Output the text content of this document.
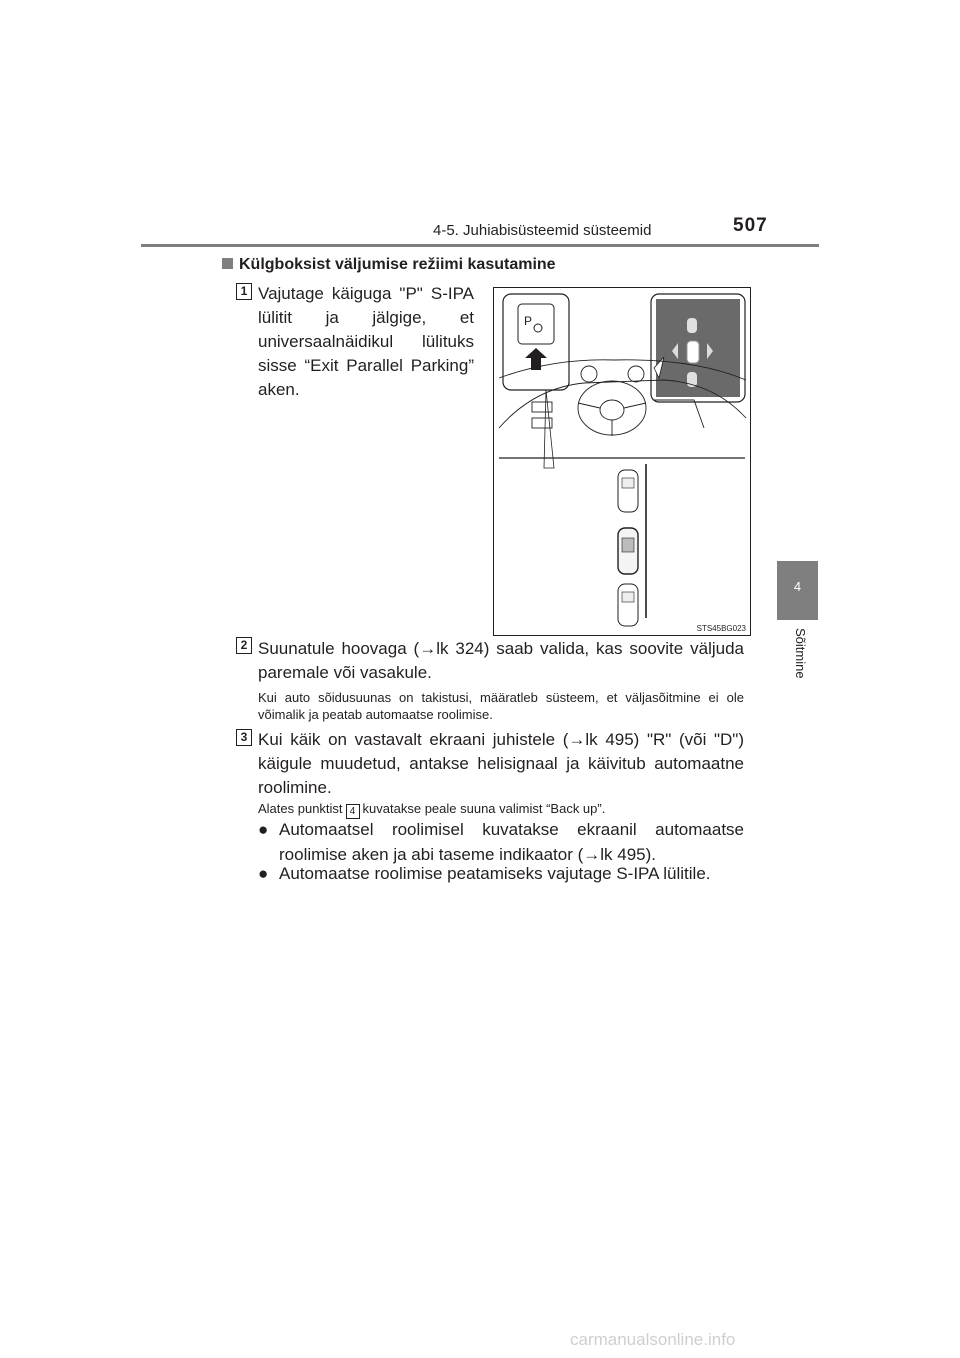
4-5. Juhiabisüsteemid süsteemid	507
4
Sõitmine
Külgboksist väljumise režiimi kasutamine
1 Vajutage käiguga "P" S-IPA lülitit ja jälgige, et universaalnäidikul lülituks sisse “Exit Parallel Parking” aken.
P
STS45BG023
2 Suunatule hoovaga (→lk 324) saab valida, kas soovite väljuda paremale või vasakule.
Kui auto sõidusuunas on takistusi, määratleb süsteem, et väljasõitmine ei ole võimalik ja peatab automaatse roolimise.
3 Kui käik on vastavalt ekraani juhistele (→lk 495) "R" (või "D") käigule muudetud, antakse helisignaal ja käivitub automaatne roolimine.
Alates punktist 4 kuvatakse peale suuna valimist “Back up”.
● Automaatsel roolimisel kuvatakse ekraanil automaatse roolimise aken ja abi taseme indikaator (→lk 495).
● Automaatse roolimise peatamiseks vajutage S-IPA lülitile.
carmanualsonline.info
